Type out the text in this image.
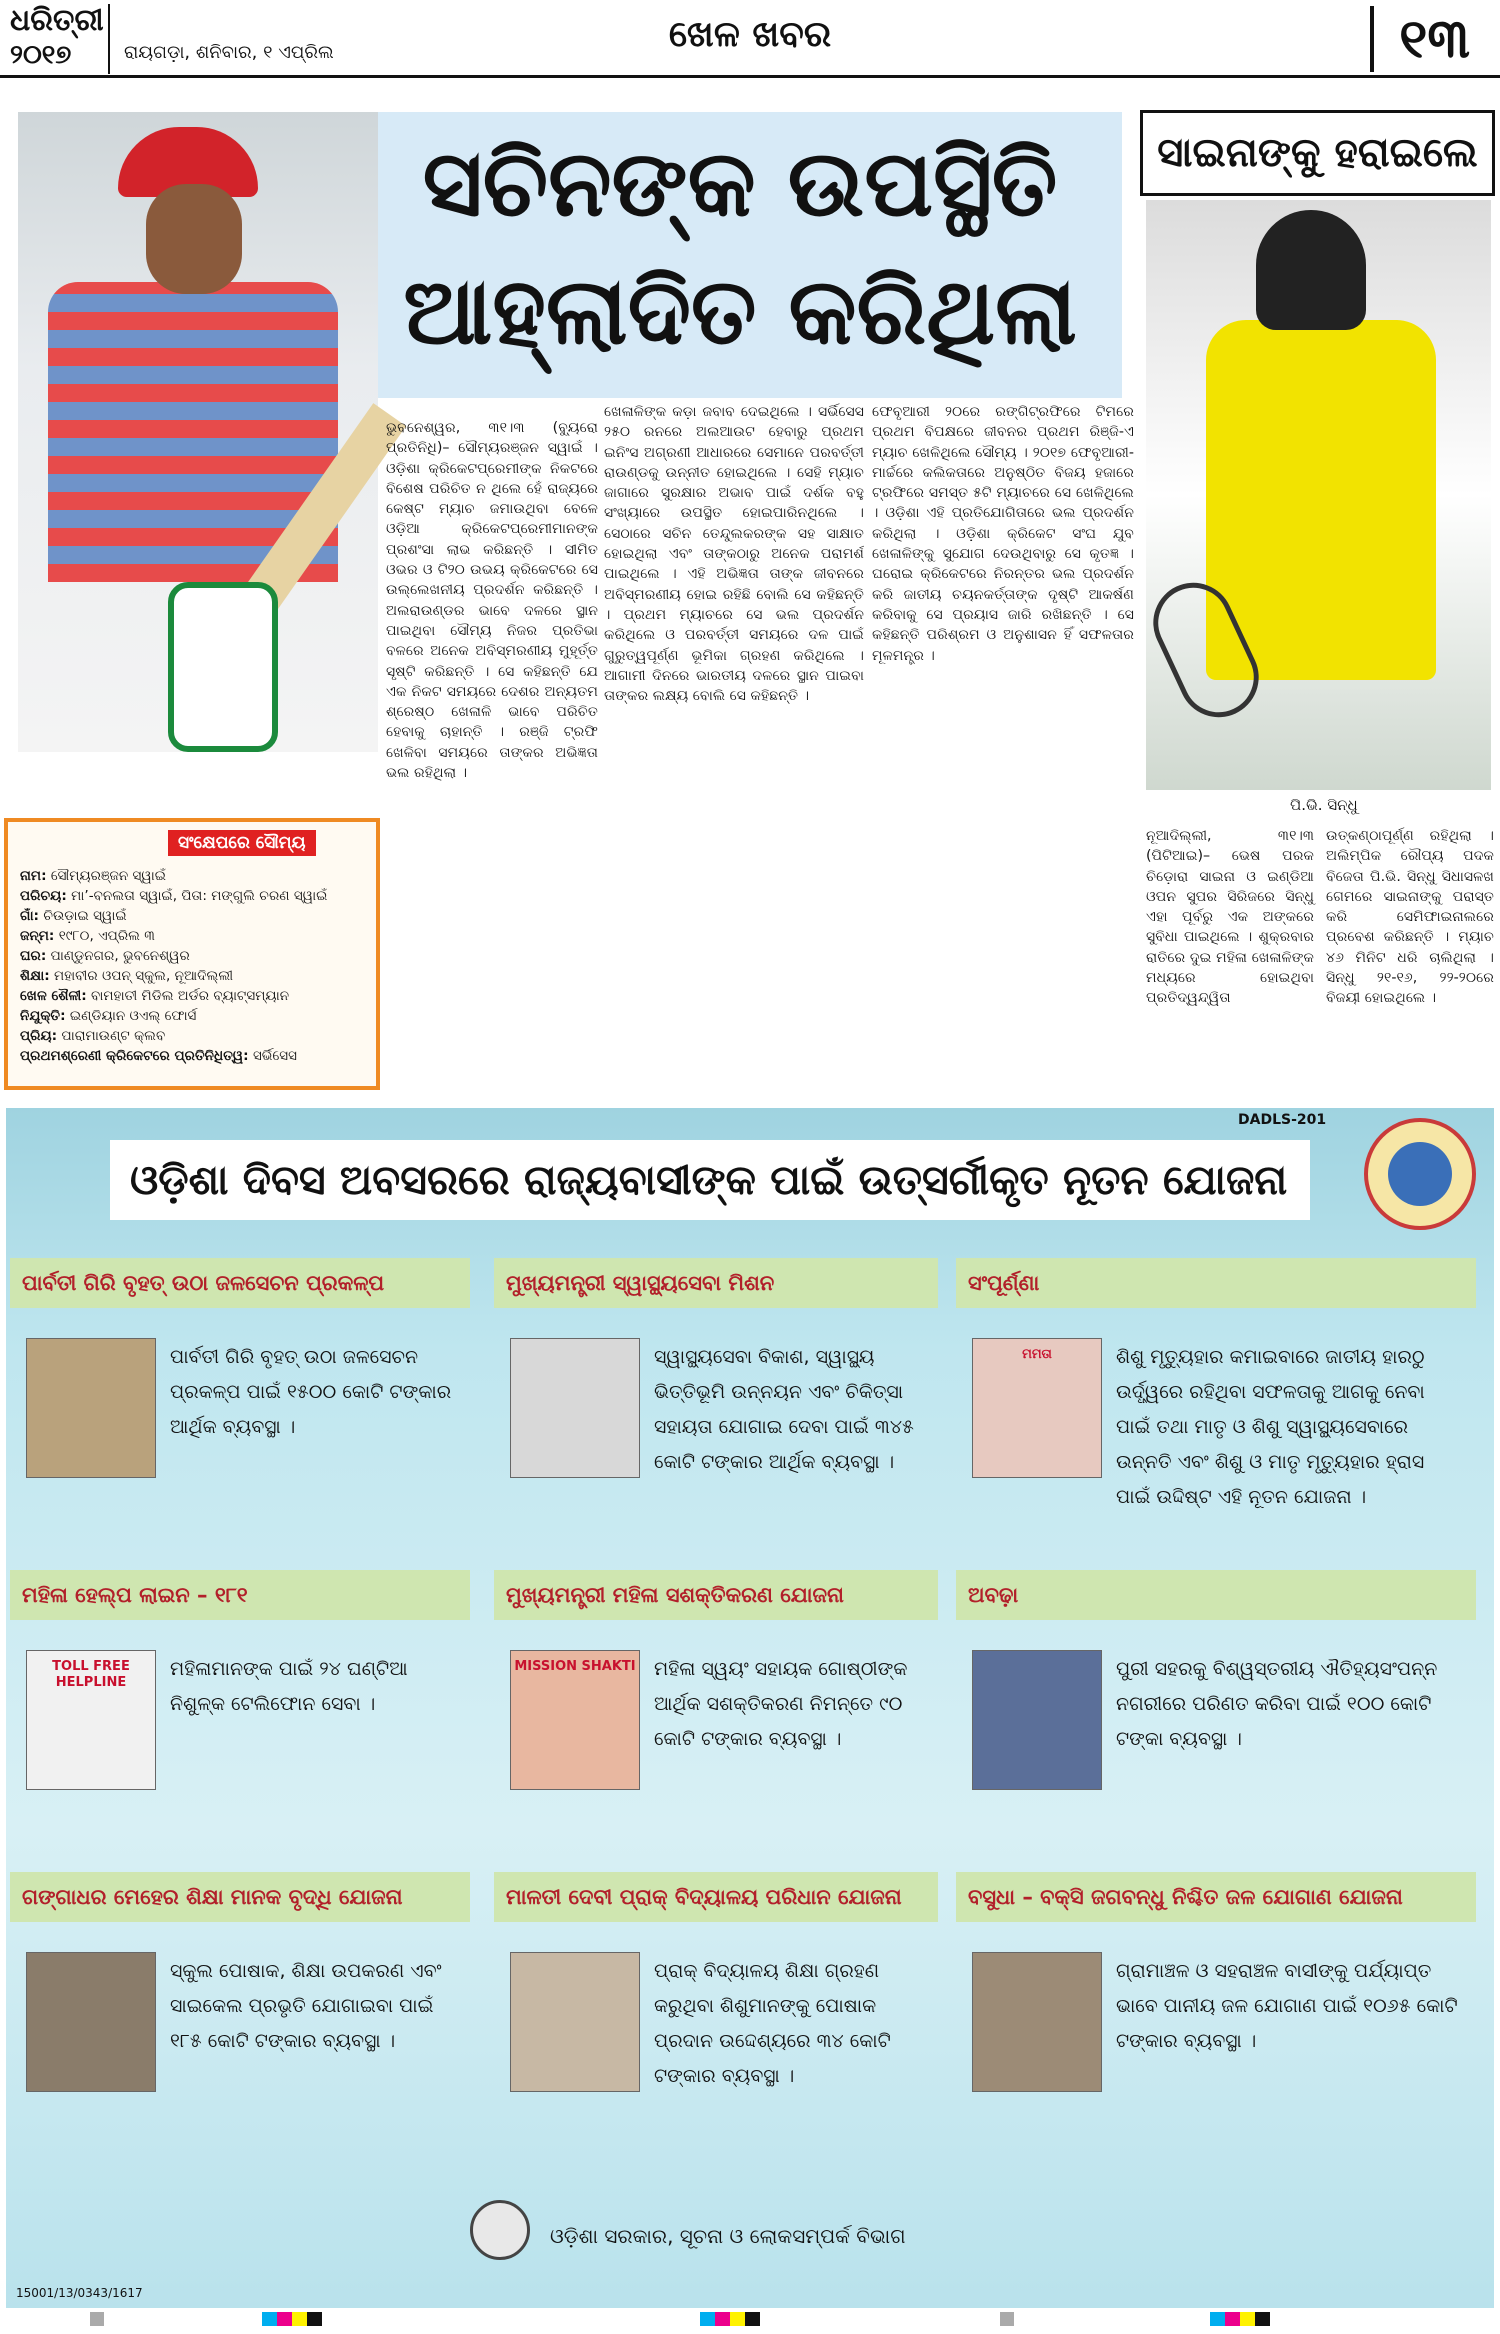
ଧରିତ୍ରୀ
୨୦୧୭	ରାୟଗଡ଼ା, ଶନିବାର, ୧ ଏପ୍ରିଲ	ଖେଳ ଖବର	୧୩
ସଚିନଙ୍କ ଉପସ୍ଥିତି
ଆହ୍ଲାଦିତ କରିଥିଲା
ଭୁବନେଶ୍ୱର, ୩୧।୩ (ବ୍ୟୁରୋ ପ୍ରତିନିଧି)– ସୌମ୍ୟରଞ୍ଜନ ସ୍ୱାଇଁ । ଓଡ଼ିଶା କ୍ରିକେଟପ୍ରେମୀଙ୍କ ନିକଟରେ ବିଶେଷ ପରିଚିତ ନ ଥିଲେ ହେଁ ରାଜ୍ୟରେ କେଷ୍ଟ ମ୍ୟାଚ ଜମାଉଥିବା ବେଳେ ଓଡ଼ିଆ କ୍ରିକେଟପ୍ରେମୀମାନଙ୍କ ପ୍ରଶଂସା ଲାଭ କରିଛନ୍ତି । ସୀମିତ ଓଭର ଓ ଟି୨୦ ଉଭୟ କ୍ରିକେଟରେ ସେ ଉଲ୍ଲେଖନୀୟ ପ୍ରଦର୍ଶନ କରିଛନ୍ତି । ଅଲରାଉଣ୍ଡର ଭାବେ ଦଳରେ ସ୍ଥାନ ପାଇଥିବା ସୌମ୍ୟ ନିଜର ପ୍ରତିଭା ବଳରେ ଅନେକ ଅବିସ୍ମରଣୀୟ ମୁହୂର୍ତ୍ତ ସୃଷ୍ଟି କରିଛନ୍ତି । ସେ କହିଛନ୍ତି ଯେ ଏକ ନିକଟ ସମୟରେ ଦେଶର ଅନ୍ୟତମ ଶ୍ରେଷ୍ଠ ଖେଳାଳି ଭାବେ ପରିଚିତ ହେବାକୁ ଚାହାନ୍ତି । ରଞ୍ଜି ଟ୍ରଫି ଖେଳିବା ସମୟରେ ତାଙ୍କର ଅଭିଜ୍ଞତା ଭଲ ରହିଥିଲା ।
ଖେଳାଳିଙ୍କ କଡ଼ା ଜବାବ ଦେଇଥିଲେ । ସର୍ଭିସେସ ୨୫୦ ରନରେ ଅଲଆଉଟ ହେବାରୁ ପ୍ରଥମ ଇନିଂସ ଅଗ୍ରଣୀ ଆଧାରରେ ସେମାନେ ପରବର୍ତ୍ତୀ ରାଉଣ୍ଡକୁ ଉନ୍ନୀତ ହୋଇଥିଲେ । ସେହି ମ୍ୟାଚ ଜାଗାରେ ସୁରକ୍ଷାର ଅଭାବ ପାଇଁ ଦର୍ଶକ ବହୁ ସଂଖ୍ୟାରେ ଉପସ୍ଥିତ ହୋଇପାରିନଥିଲେ । ସେଠାରେ ସଚିନ ତେନ୍ଦୁଲକରଙ୍କ ସହ ସାକ୍ଷାତ ହୋଇଥିଲା ଏବଂ ତାଙ୍କଠାରୁ ଅନେକ ପରାମର୍ଶ ପାଇଥିଲେ । ଏହି ଅଭିଜ୍ଞତା ତାଙ୍କ ଜୀବନରେ ଅବିସ୍ମରଣୀୟ ହୋଇ ରହିଛି ବୋଲି ସେ କହିଛନ୍ତି । ପ୍ରଥମ ମ୍ୟାଚରେ ସେ ଭଲ ପ୍ରଦର୍ଶନ କରିଥିଲେ ଓ ପରବର୍ତ୍ତୀ ସମୟରେ ଦଳ ପାଇଁ ଗୁରୁତ୍ୱପୂର୍ଣ୍ଣ ଭୂମିକା ଗ୍ରହଣ କରିଥିଲେ । ଆଗାମୀ ଦିନରେ ଭାରତୀୟ ଦଳରେ ସ୍ଥାନ ପାଇବା ତାଙ୍କର ଲକ୍ଷ୍ୟ ବୋଲି ସେ କହିଛନ୍ତି ।
ଫେବୃଆରୀ ୨୦ରେ ରଙ୍ଗିଟ୍ରଫିରେ ଟିମରେ ପ୍ରଥମ ବିପକ୍ଷରେ ଜୀବନର ପ୍ରଥମ ରିଞ୍ଜି-ଏ ମ୍ୟାଚ ଖେଳିଥିଲେ ସୌମ୍ୟ । ୨୦୧୭ ଫେବୃଆରୀ-ମାର୍ଚ୍ଚରେ କଲିକତାରେ ଅନୁଷ୍ଠିତ ବିଜୟ ହଜାରେ ଟ୍ରଫିରେ ସମସ୍ତ ୫ଟି ମ୍ୟାଚରେ ସେ ଖେଳିଥିଲେ । ଓଡ଼ିଶା ଏହି ପ୍ରତିଯୋଗିତାରେ ଭଲ ପ୍ରଦର୍ଶନ କରିଥିଲା । ଓଡ଼ିଶା କ୍ରିକେଟ ସଂଘ ଯୁବ ଖେଳାଳିଙ୍କୁ ସୁଯୋଗ ଦେଉଥିବାରୁ ସେ କୃତଜ୍ଞ । ଘରୋଇ କ୍ରିକେଟରେ ନିରନ୍ତର ଭଲ ପ୍ରଦର୍ଶନ କରି ଜାତୀୟ ଚୟନକର୍ତ୍ତାଙ୍କ ଦୃଷ୍ଟି ଆକର୍ଷଣ କରିବାକୁ ସେ ପ୍ରୟାସ ଜାରି ରଖିଛନ୍ତି । ସେ କହିଛନ୍ତି ପରିଶ୍ରମ ଓ ଅନୁଶାସନ ହିଁ ସଫଳତାର ମୂଳମନ୍ତ୍ର ।
ସଂକ୍ଷେପରେ ସୌମ୍ୟ
ନାମ: ସୌମ୍ୟରଞ୍ଜନ ସ୍ୱାଇଁ
ପରିଚୟ: ମା’-ବନଲତା ସ୍ୱାଇଁ, ପିତା: ମଙ୍ଗୁଲି ଚରଣ ସ୍ୱାଇଁ
ଗାଁ: ଚିଉଡ଼ାଇ ସ୍ୱାଇଁ
ଜନ୍ମ: ୧୯୮୦, ଏପ୍ରିଲ ୩
ଘର: ପାଣ୍ଡୁନଗର, ଭୁବନେଶ୍ୱର
ଶିକ୍ଷା: ମହାବୀର ଓପନ୍ ସ୍କୁଲ, ନୂଆଦିଲ୍ଲୀ
ଖେଳ ଶୈଳୀ: ବାମହାତୀ ମିଡିଲ ଅର୍ଡର ବ୍ୟାଟ୍ସମ୍ୟାନ
ନିଯୁକ୍ତି: ଇଣ୍ଡିୟାନ ଓଏଲ୍ ଫୋର୍ସ
ପ୍ରିୟ: ପାରାମାଉଣ୍ଟ କ୍ଲବ
ପ୍ରଥମଶ୍ରେଣୀ କ୍ରିକେଟରେ ପ୍ରତିନିଧିତ୍ୱ: ସର୍ଭିସେସ
ସାଇନାଙ୍କୁ ହରାଇଲେ
ପି.ଭି. ସିନ୍ଧୁ
ନୂଆଦିଲ୍ଲୀ, ୩୧।୩ (ପିଟିଆଇ)– ଭେଷ ପରକ ଚିଡ଼ୋରା ସାଇନା ଓ ଇଣ୍ଡିଆ ଓପନ ସୁପର ସିରିଜରେ ସିନ୍ଧୁ ଏହା ପୂର୍ବରୁ ଏକ ଅଙ୍କରେ ସୁବିଧା ପାଇଥିଲେ । ଶୁକ୍ରବାର ରାତିରେ ଦୁଇ ମହିଳା ଖେଳାଳିଙ୍କ ମଧ୍ୟରେ ହୋଇଥିବା ପ୍ରତିଦ୍ୱନ୍ଦ୍ୱିତା ଉତ୍କଣ୍ଠାପୂର୍ଣ୍ଣ ରହିଥିଲା । ଅଲିମ୍ପିକ ରୌପ୍ୟ ପଦକ ବିଜେତା ପି.ଭି. ସିନ୍ଧୁ ସିଧାସଳଖ ଗେମରେ ସାଇନାଙ୍କୁ ପରାସ୍ତ କରି ସେମିଫାଇନାଲରେ ପ୍ରବେଶ କରିଛନ୍ତି । ମ୍ୟାଚ ୪୬ ମିନିଟ ଧରି ଚାଲିଥିଲା । ସିନ୍ଧୁ ୨୧-୧୬, ୨୨-୨୦ରେ ବିଜୟୀ ହୋଇଥିଲେ ।
DADLS-201
ଓଡ଼ିଶା ଦିବସ ଅବସରରେ ରାଜ୍ୟବାସୀଙ୍କ ପାଇଁ ଉତ୍ସର୍ଗୀକୃତ ନୂତନ ଯୋଜନା
ପାର୍ବତୀ ଗିରି ବୃହତ୍ ଉଠା ଜଳସେଚନ ପ୍ରକଳ୍ପ
ପାର୍ବତୀ ଗିରି ବୃହତ୍ ଉଠା ଜଳସେଚନ ପ୍ରକଳ୍ପ ପାଇଁ ୧୫୦୦ କୋଟି ଟଙ୍କାର ଆର୍ଥିକ ବ୍ୟବସ୍ଥା ।
ମୁଖ୍ୟମନ୍ତ୍ରୀ ସ୍ୱାସ୍ଥ୍ୟସେବା ମିଶନ
ସ୍ୱାସ୍ଥ୍ୟସେବା ବିକାଶ, ସ୍ୱାସ୍ଥ୍ୟ ଭିତ୍ତିଭୂମି ଉନ୍ନୟନ ଏବଂ ଚିକିତ୍ସା ସହାୟତା ଯୋଗାଇ ଦେବା ପାଇଁ ୩୪୫ କୋଟି ଟଙ୍କାର ଆର୍ଥିକ ବ୍ୟବସ୍ଥା ।
ସଂପୂର୍ଣ୍ଣା
ମମତା	ଶିଶୁ ମୃତ୍ୟୁହାର କମାଇବାରେ ଜାତୀୟ ହାରଠୁ ଉର୍ଦ୍ଧ୍ୱରେ ରହିଥିବା ସଫଳତାକୁ ଆଗକୁ ନେବା ପାଇଁ ତଥା ମାତୃ ଓ ଶିଶୁ ସ୍ୱାସ୍ଥ୍ୟସେବାରେ ଉନ୍ନତି ଏବଂ ଶିଶୁ ଓ ମାତୃ ମୃତ୍ୟୁହାର ହ୍ରାସ ପାଇଁ ଉଦ୍ଦିଷ୍ଟ ଏହି ନୂତନ ଯୋଜନା ।
ମହିଳା ହେଲ୍ପ ଲାଇନ – ୧୮୧
TOLL FREE HELPLINE
ମହିଳାମାନଙ୍କ ପାଇଁ ୨୪ ଘଣ୍ଟିଆ ନିଶୁଳ୍କ ଟେଲିଫୋନ ସେବା ।
ମୁଖ୍ୟମନ୍ତ୍ରୀ ମହିଳା ସଶକ୍ତିକରଣ ଯୋଜନା
MISSION SHAKTI ମହିଳା ସ୍ୱୟଂ ସହାୟକ ଗୋଷ୍ଠୀଙ୍କ ଆର୍ଥିକ ସଶକ୍ତିକରଣ ନିମନ୍ତେ ୯୦ କୋଟି ଟଙ୍କାର ବ୍ୟବସ୍ଥା ।
ଅବଢ଼ା
ପୁରୀ ସହରକୁ ବିଶ୍ୱସ୍ତରୀୟ ଐତିହ୍ୟସଂପନ୍ନ ନଗରୀରେ ପରିଣତ କରିବା ପାଇଁ ୧୦୦ କୋଟି ଟଙ୍କା ବ୍ୟବସ୍ଥା ।
ଗଙ୍ଗାଧର ମେହେର ଶିକ୍ଷା ମାନକ ବୃଦ୍ଧି ଯୋଜନା
ସ୍କୁଲ ପୋଷାକ, ଶିକ୍ଷା ଉପକରଣ ଏବଂ ସାଇକେଲ ପ୍ରଭୃତି ଯୋଗାଇବା ପାଇଁ ୧୮୫ କୋଟି ଟଙ୍କାର ବ୍ୟବସ୍ଥା ।
ମାଳତୀ ଦେବୀ ପ୍ରାକ୍ ବିଦ୍ୟାଳୟ ପରିଧାନ ଯୋଜନା
ପ୍ରାକ୍ ବିଦ୍ୟାଳୟ ଶିକ୍ଷା ଗ୍ରହଣ କରୁଥିବା ଶିଶୁମାନଙ୍କୁ ପୋଷାକ ପ୍ରଦାନ ଉଦ୍ଦେଶ୍ୟରେ ୩୪ କୋଟି ଟଙ୍କାର ବ୍ୟବସ୍ଥା ।
ବସୁଧା – ବକ୍ସି ଜଗବନ୍ଧୁ ନିଶ୍ଚିତ ଜଳ ଯୋଗାଣ ଯୋଜନା
ଗ୍ରାମାଞ୍ଚଳ ଓ ସହରାଞ୍ଚଳ ବାସୀଙ୍କୁ ପର୍ଯ୍ୟାପ୍ତ ଭାବେ ପାନୀୟ ଜଳ ଯୋଗାଣ ପାଇଁ ୧୦୬୫ କୋଟି ଟଙ୍କାର ବ୍ୟବସ୍ଥା ।
ଓଡ଼ିଶା ସରକାର, ସୂଚନା ଓ ଲୋକସମ୍ପର୍କ ବିଭାଗ
15001/13/0343/1617
